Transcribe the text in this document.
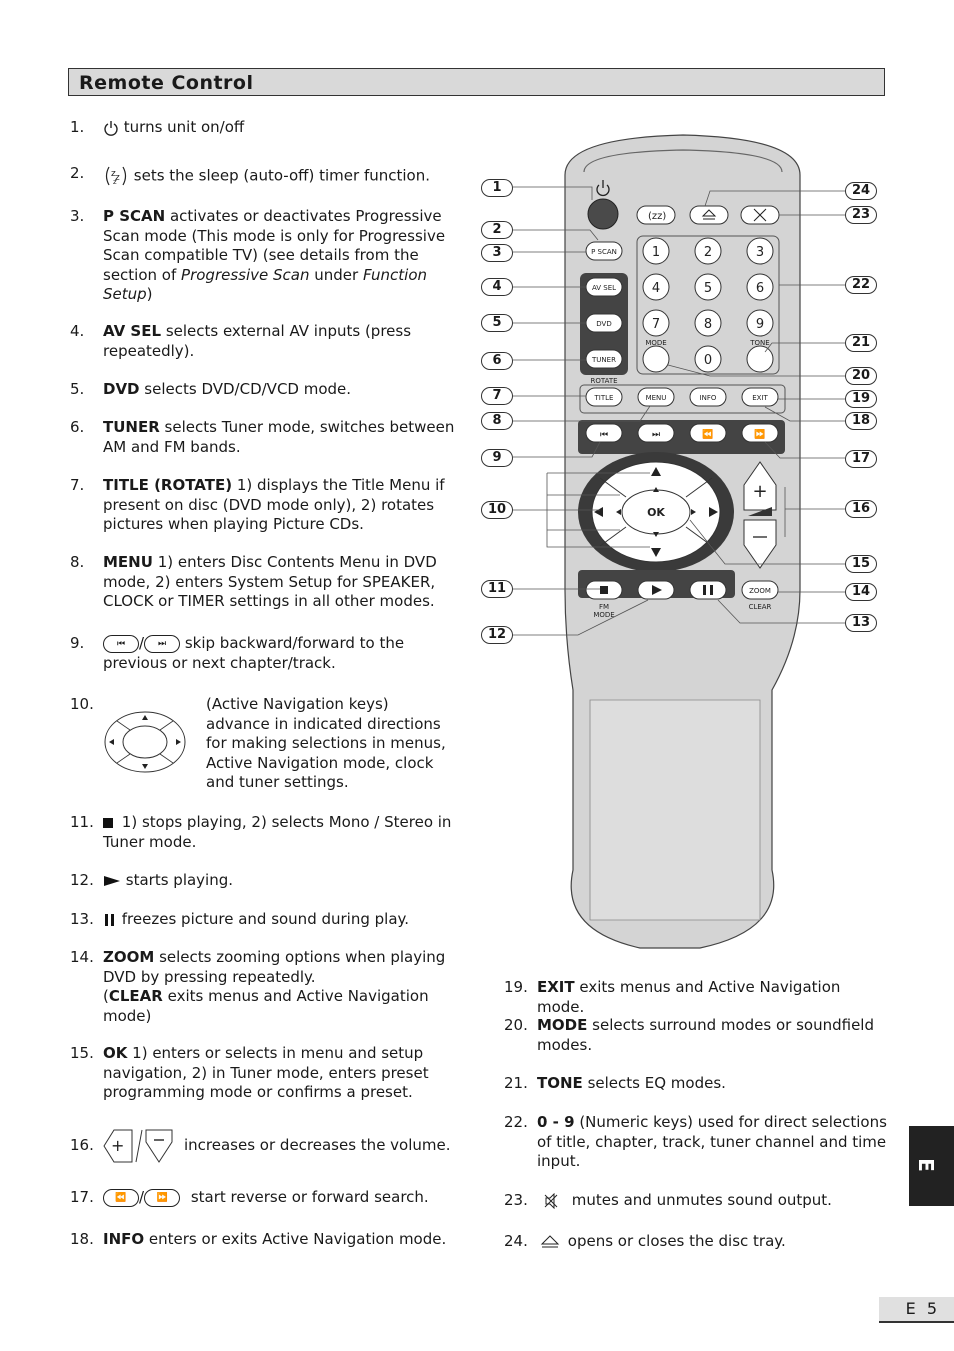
Remote Control
1.	turns unit on/off
2.	z z
z sets the sleep (auto-off) timer function.
3. P SCAN activates or deactivates Progressive Scan mode (This mode is only for Progressive Scan compatible TV) (see details from the section of Progressive Scan under Function Setup)
4. AV SEL selects external AV inputs (press repeatedly).
5. DVD selects DVD/CD/VCD mode.
6. TUNER selects Tuner mode, switches between AM and FM bands.
7. TITLE (ROTATE) 1) displays the Title Menu if present on disc (DVD mode only), 2) rotates pictures when playing Picture CDs.
8. MENU 1) enters Disc Contents Menu in DVD mode, 2) enters System Setup for SPEAKER, CLOCK or TIMER settings in all other modes.
9.	⏮ / ⏭ skip backward/forward to the previous or next chapter/track.
10.	(Active Navigation keys) advance in indicated directions for making selections in menus, Active Navigation mode, clock and tuner settings.
11.	1) stops playing, 2) selects Mono / Stereo in Tuner mode.
12.	starts playing.
13.	freezes picture and sound during play.
14. ZOOM selects zooming options when playing DVD by pressing repeatedly.
(CLEAR exits menus and Active Navigation mode)
15. OK 1) enters or selects in menu and setup navigation, 2) in Tuner mode, enters preset programming mode or confirms a preset.
16. +	increases or decreases the volume.
17.	⏪ / ⏩ start reverse or forward search.
18. INFO enters or exits Active Navigation mode.
19. EXIT exits menus and Active Navigation mode.
20. MODE selects surround modes or soundfield modes.
21. TONE selects EQ modes.
22. 0 - 9 (Numeric keys) used for direct selections of title, chapter, track, tuner channel and time input.
23.	mutes and unmutes sound output.
24.	opens or closes the disc tray.
E
E 5
(zz)
P SCAN
AV SEL
DVD
TUNER
ROTATE
1	2	3
4	5	6
7	8	9
0
MODE	TONE
TITLE	MENU	INFO	EXIT
⏮	⏭	⏪	⏩
OK
+
ZOOM
CLEAR
FM
MODE
1
2
3
4
5
6
7
8
9
10
11
12
24
23
22
21
20
19
18
17
16
15
14
13
